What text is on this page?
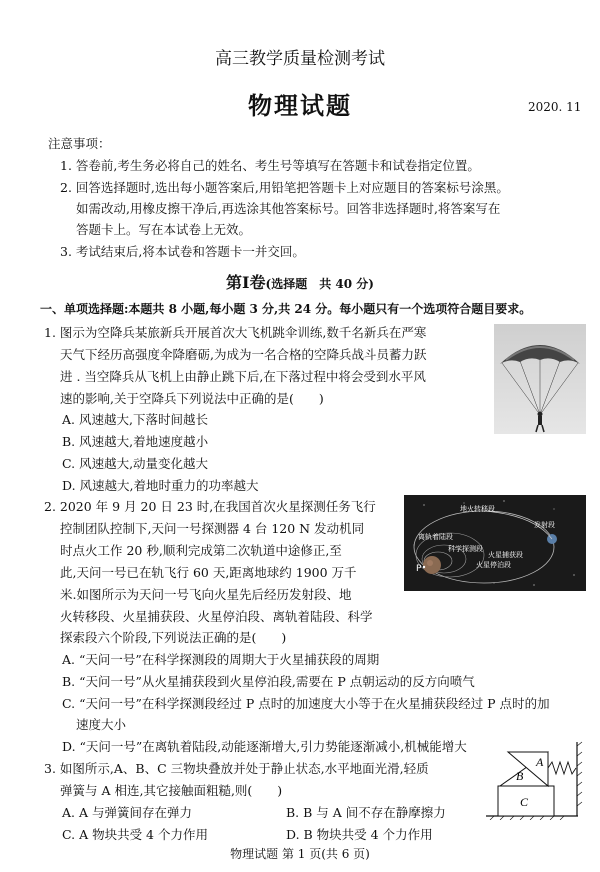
高三教学质量检测考试
物理试题	2020. 11
注意事项：
1. 答卷前,考生务必将自己的姓名、考生号等填写在答题卡和试卷指定位置。
2. 回答选择题时,选出每小题答案后,用铅笔把答题卡上对应题目的答案标号涂黑。
如需改动,用橡皮擦干净后,再选涂其他答案标号。回答非选择题时,将答案写在
答题卡上。写在本试卷上无效。
3. 考试结束后,将本试卷和答题卡一并交回。
第Ⅰ卷(选择题　共 40 分)
一、单项选择题:本题共 8 小题,每小题 3 分,共 24 分。每小题只有一个选项符合题目要求。
1. 图示为空降兵某旅新兵开展首次大飞机跳伞训练,数千名新兵在严寒
天气下经历高强度伞降磨砺,为成为一名合格的空降兵战斗员蓄力跃
进 . 当空降兵从飞机上由静止跳下后,在下落过程中将会受到水平风
速的影响,关于空降兵下列说法中正确的是(　　)
A. 风速越大,下落时间越长
B. 风速越大,着地速度越小
C. 风速越大,动量变化越大
D. 风速越大,着地时重力的功率越大
2. 2020 年 9 月 20 日 23 时,在我国首次火星探测任务飞行
控制团队控制下,天问一号探测器 4 台 120 N 发动机同
时点火工作 20 秒,顺利完成第二次轨道中途修正,至
此,天问一号已在轨飞行 60 天,距离地球约 1900 万千
米.如图所示为天问一号飞向火星先后经历发射段、地
火转移段、火星捕获段、火星停泊段、离轨着陆段、科学
探索段六个阶段,下列说法正确的是(　　)
A. “天问一号”在科学探测段的周期大于火星捕获段的周期
B. “天问一号”从火星捕获段到火星停泊段,需要在 P 点朝运动的反方向喷气
C. “天问一号”在科学探测段经过 P 点时的加速度大小等于在火星捕获段经过 P 点时的加
速度大小
D. “天问一号”在离轨着陆段,动能逐渐增大,引力势能逐渐减小,机械能增大
地火转移段
发射段
离轨着陆段
科学探测段
火星捕获段
火星停泊段
P
3. 如图所示,A、B、C 三物块叠放并处于静止状态,水平地面光滑,轻质
弹簧与 A 相连,其它接触面粗糙,则(　　)
A. A 与弹簧间存在弹力	B. B 与 A 间不存在静摩擦力
C. A 物块共受 4 个力作用	D. B 物块共受 4 个力作用
A
B
C
物理试题 第 1 页(共 6 页)
